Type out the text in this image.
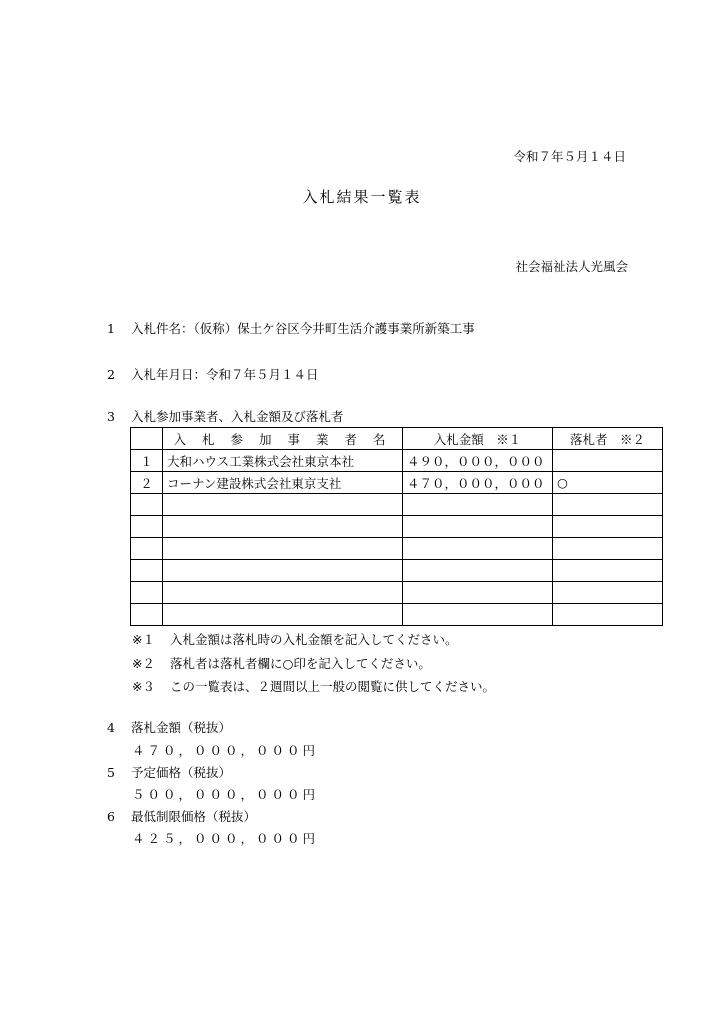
令和７年５月１４日
入札結果一覧表
社会福祉法人光風会
1 入札件名：（仮称）保土ケ谷区今井町生活介護事業所新築工事
2 入札年月日：令和７年５月１４日
3 入札参加事業者、入札金額及び落札者
	入 札 参 加 事 業 者 名	入札金額　※１	落札者　※２
１	大和ハウス工業株式会社東京本社	４９０，０００，０００	
２	コーナン建設株式会社東京支社	４７０，０００，０００	○

※１ 入札金額は落札時の入札金額を記入してください。
※２ 落札者は落札者欄に○印を記入してください。
※３ この一覧表は、２週間以上一般の閲覧に供してください。
4 落札金額（税抜）
４７０，０００，０００円
5 予定価格（税抜）
５００，０００，０００円
6 最低制限価格（税抜）
４２５，０００，０００円
